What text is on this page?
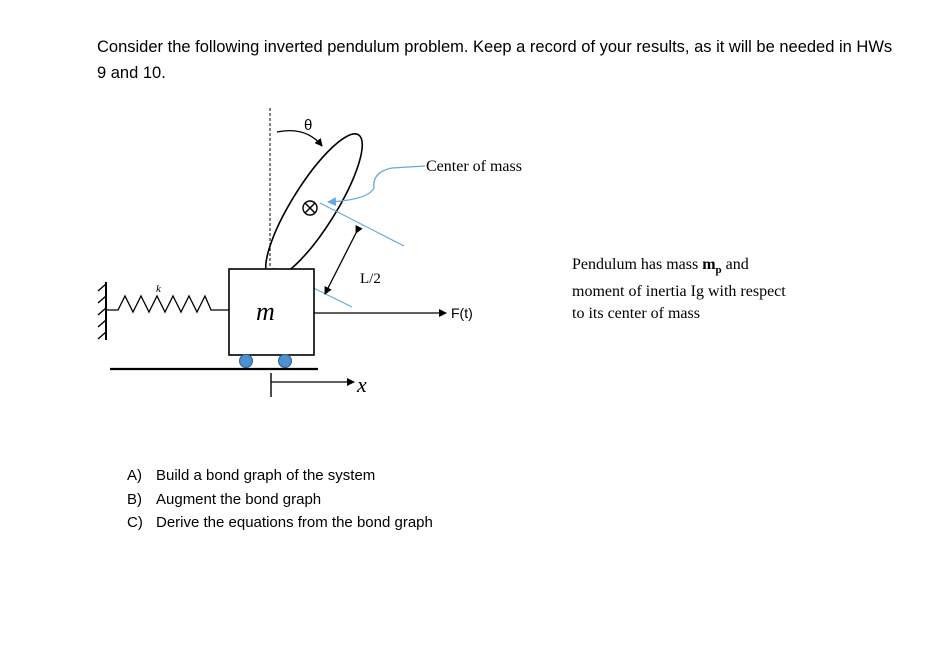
Consider the following inverted pendulum problem. Keep a record of your results, as it will be needed in HWs 9 and 10.

θ
Center of mass
L/2
m
k
F(t)
x

Pendulum has mass $m_p$ and moment of inertia Ig with respect to its center of mass

A) Build a bond graph of the system
B) Augment the bond graph
C) Derive the equations from the bond graph
